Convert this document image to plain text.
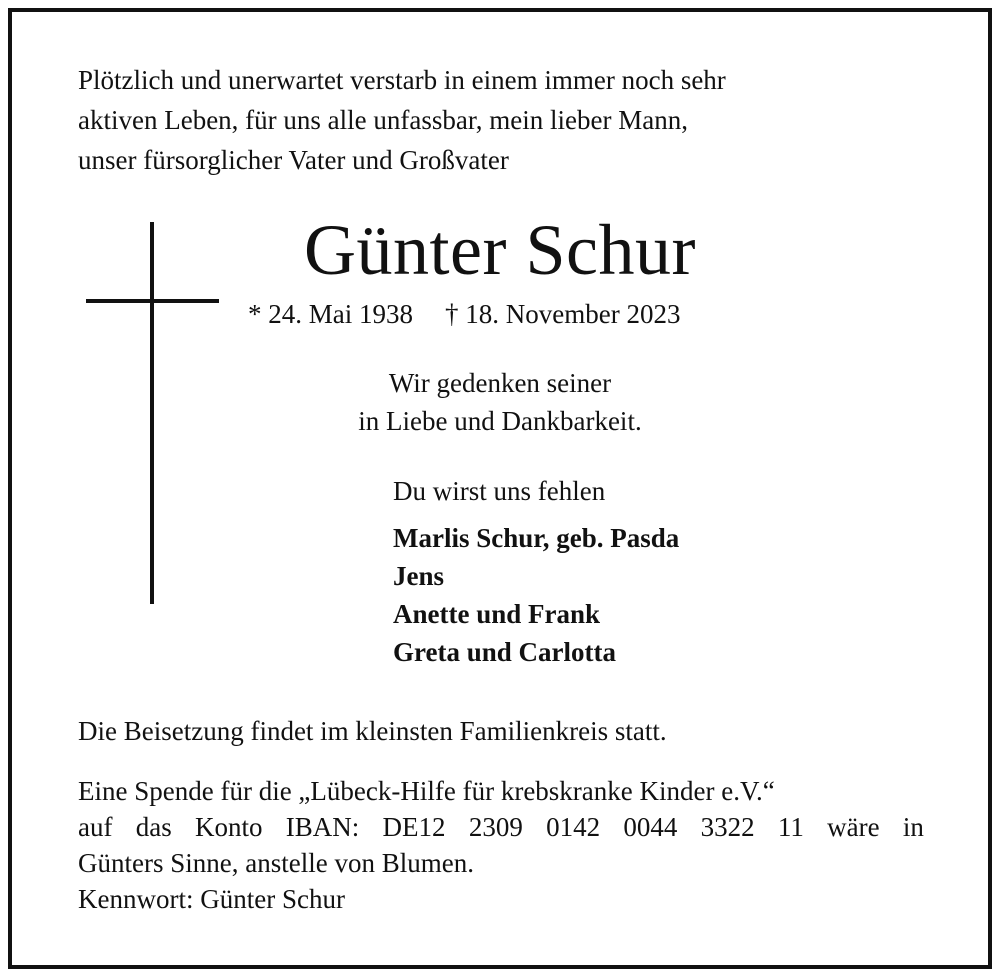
Plötzlich und unerwartet verstarb in einem immer noch sehr
aktiven Leben, für uns alle unfassbar, mein lieber Mann,
unser fürsorglicher Vater und Großvater

Günter Schur
* 24. Mai 1938 † 18. November 2023
Wir gedenken seiner
in Liebe und Dankbarkeit.
Du wirst uns fehlen
Marlis Schur, geb. Pasda
Jens
Anette und Frank
Greta und Carlotta
Die Beisetzung findet im kleinsten Familienkreis statt.
Eine Spende für die „Lübeck-Hilfe für krebskranke Kinder e.V.“
auf das Konto IBAN: DE12 2309 0142 0044 3322 11 wäre in
Günters Sinne, anstelle von Blumen.
Kennwort: Günter Schur
